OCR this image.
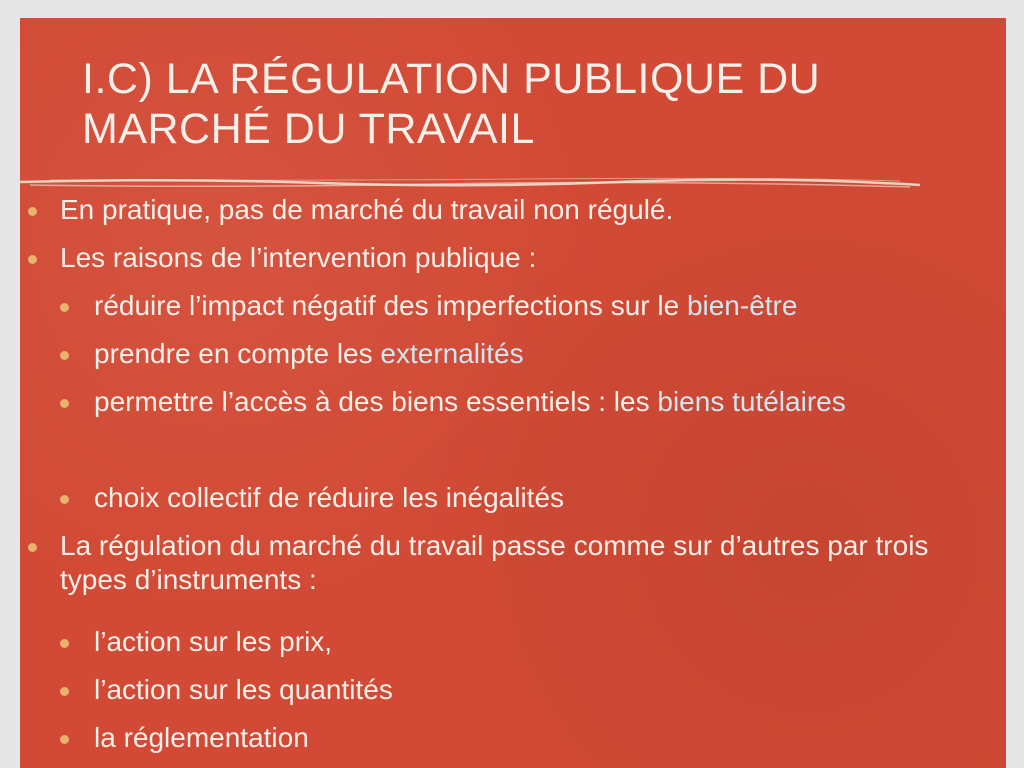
I.C) LA RÉGULATION PUBLIQUE DU
MARCHÉ DU TRAVAIL
En pratique, pas de marché du travail non régulé.
Les raisons de l’intervention publique :
réduire l’impact négatif des imperfections sur le bien-être
prendre en compte les externalités
permettre l’accès à des biens essentiels : les biens tutélaires
choix collectif de réduire les inégalités
La régulation du marché du travail passe comme sur d’autres par trois types d’instruments :
l’action sur les prix,
l’action sur les quantités
la réglementation
